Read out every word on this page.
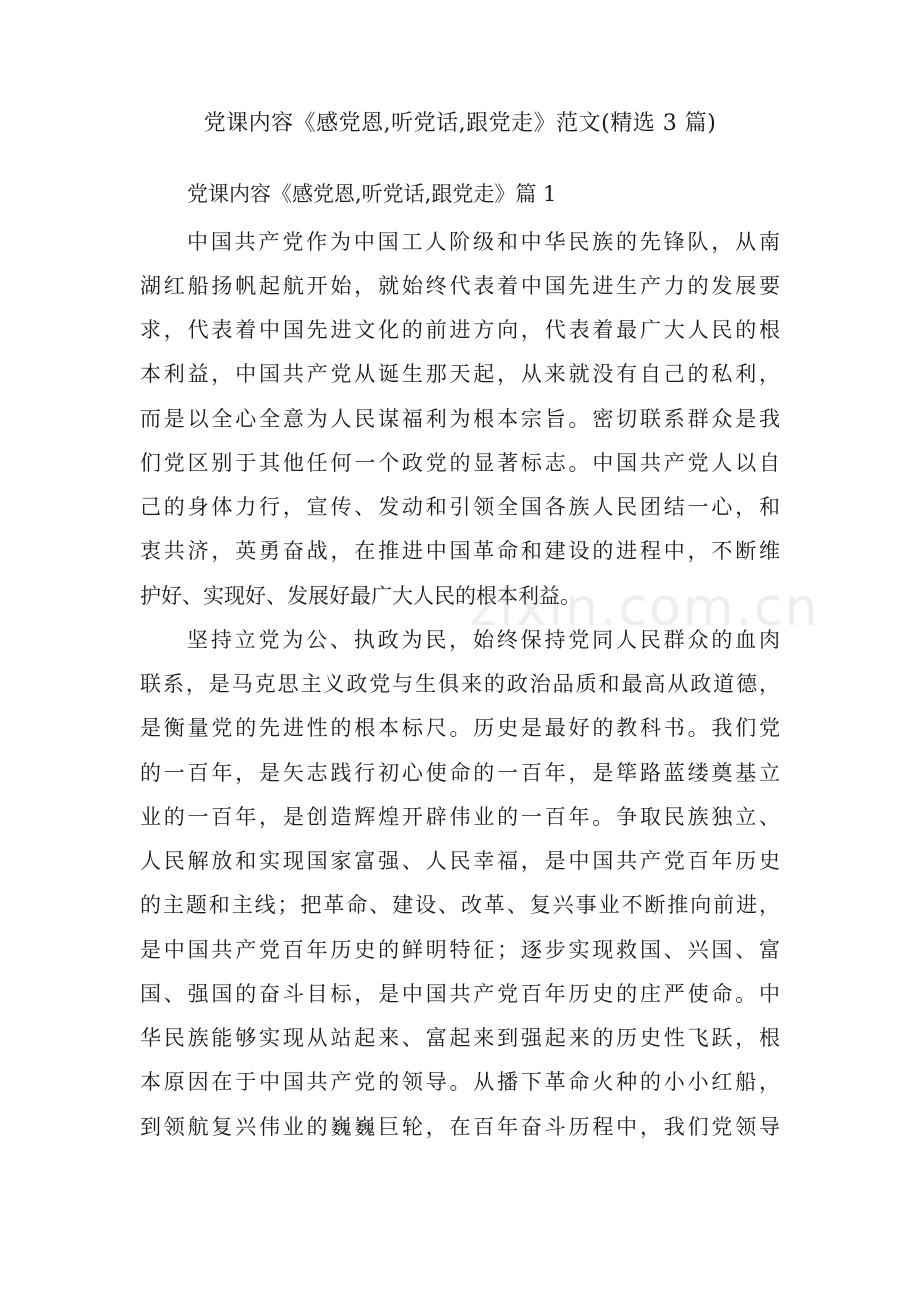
党课内容《感党恩,听党话,跟党走》范文(精选 3 篇)
党课内容《感党恩,听党话,跟党走》篇 1
中国共产党作为中国工人阶级和中华民族的先锋队，从南
湖红船扬帆起航开始，就始终代表着中国先进生产力的发展要
求，代表着中国先进文化的前进方向，代表着最广大人民的根
本利益，中国共产党从诞生那天起，从来就没有自己的私利，
而是以全心全意为人民谋福利为根本宗旨。密切联系群众是我
们党区别于其他任何一个政党的显著标志。中国共产党人以自
己的身体力行，宣传、发动和引领全国各族人民团结一心，和
衷共济，英勇奋战，在推进中国革命和建设的进程中，不断维
护好、实现好、发展好最广大人民的根本利益。
坚持立党为公、执政为民，始终保持党同人民群众的血肉
联系，是马克思主义政党与生俱来的政治品质和最高从政道德，
是衡量党的先进性的根本标尺。历史是最好的教科书。我们党
的一百年，是矢志践行初心使命的一百年，是筚路蓝缕奠基立
业的一百年，是创造辉煌开辟伟业的一百年。争取民族独立、
人民解放和实现国家富强、人民幸福，是中国共产党百年历史
的主题和主线；把革命、建设、改革、复兴事业不断推向前进，
是中国共产党百年历史的鲜明特征；逐步实现救国、兴国、富
国、强国的奋斗目标，是中国共产党百年历史的庄严使命。中
华民族能够实现从站起来、富起来到强起来的历史性飞跃，根
本原因在于中国共产党的领导。从播下革命火种的小小红船，
到领航复兴伟业的巍巍巨轮，在百年奋斗历程中，我们党领导
zixin.com.cn
